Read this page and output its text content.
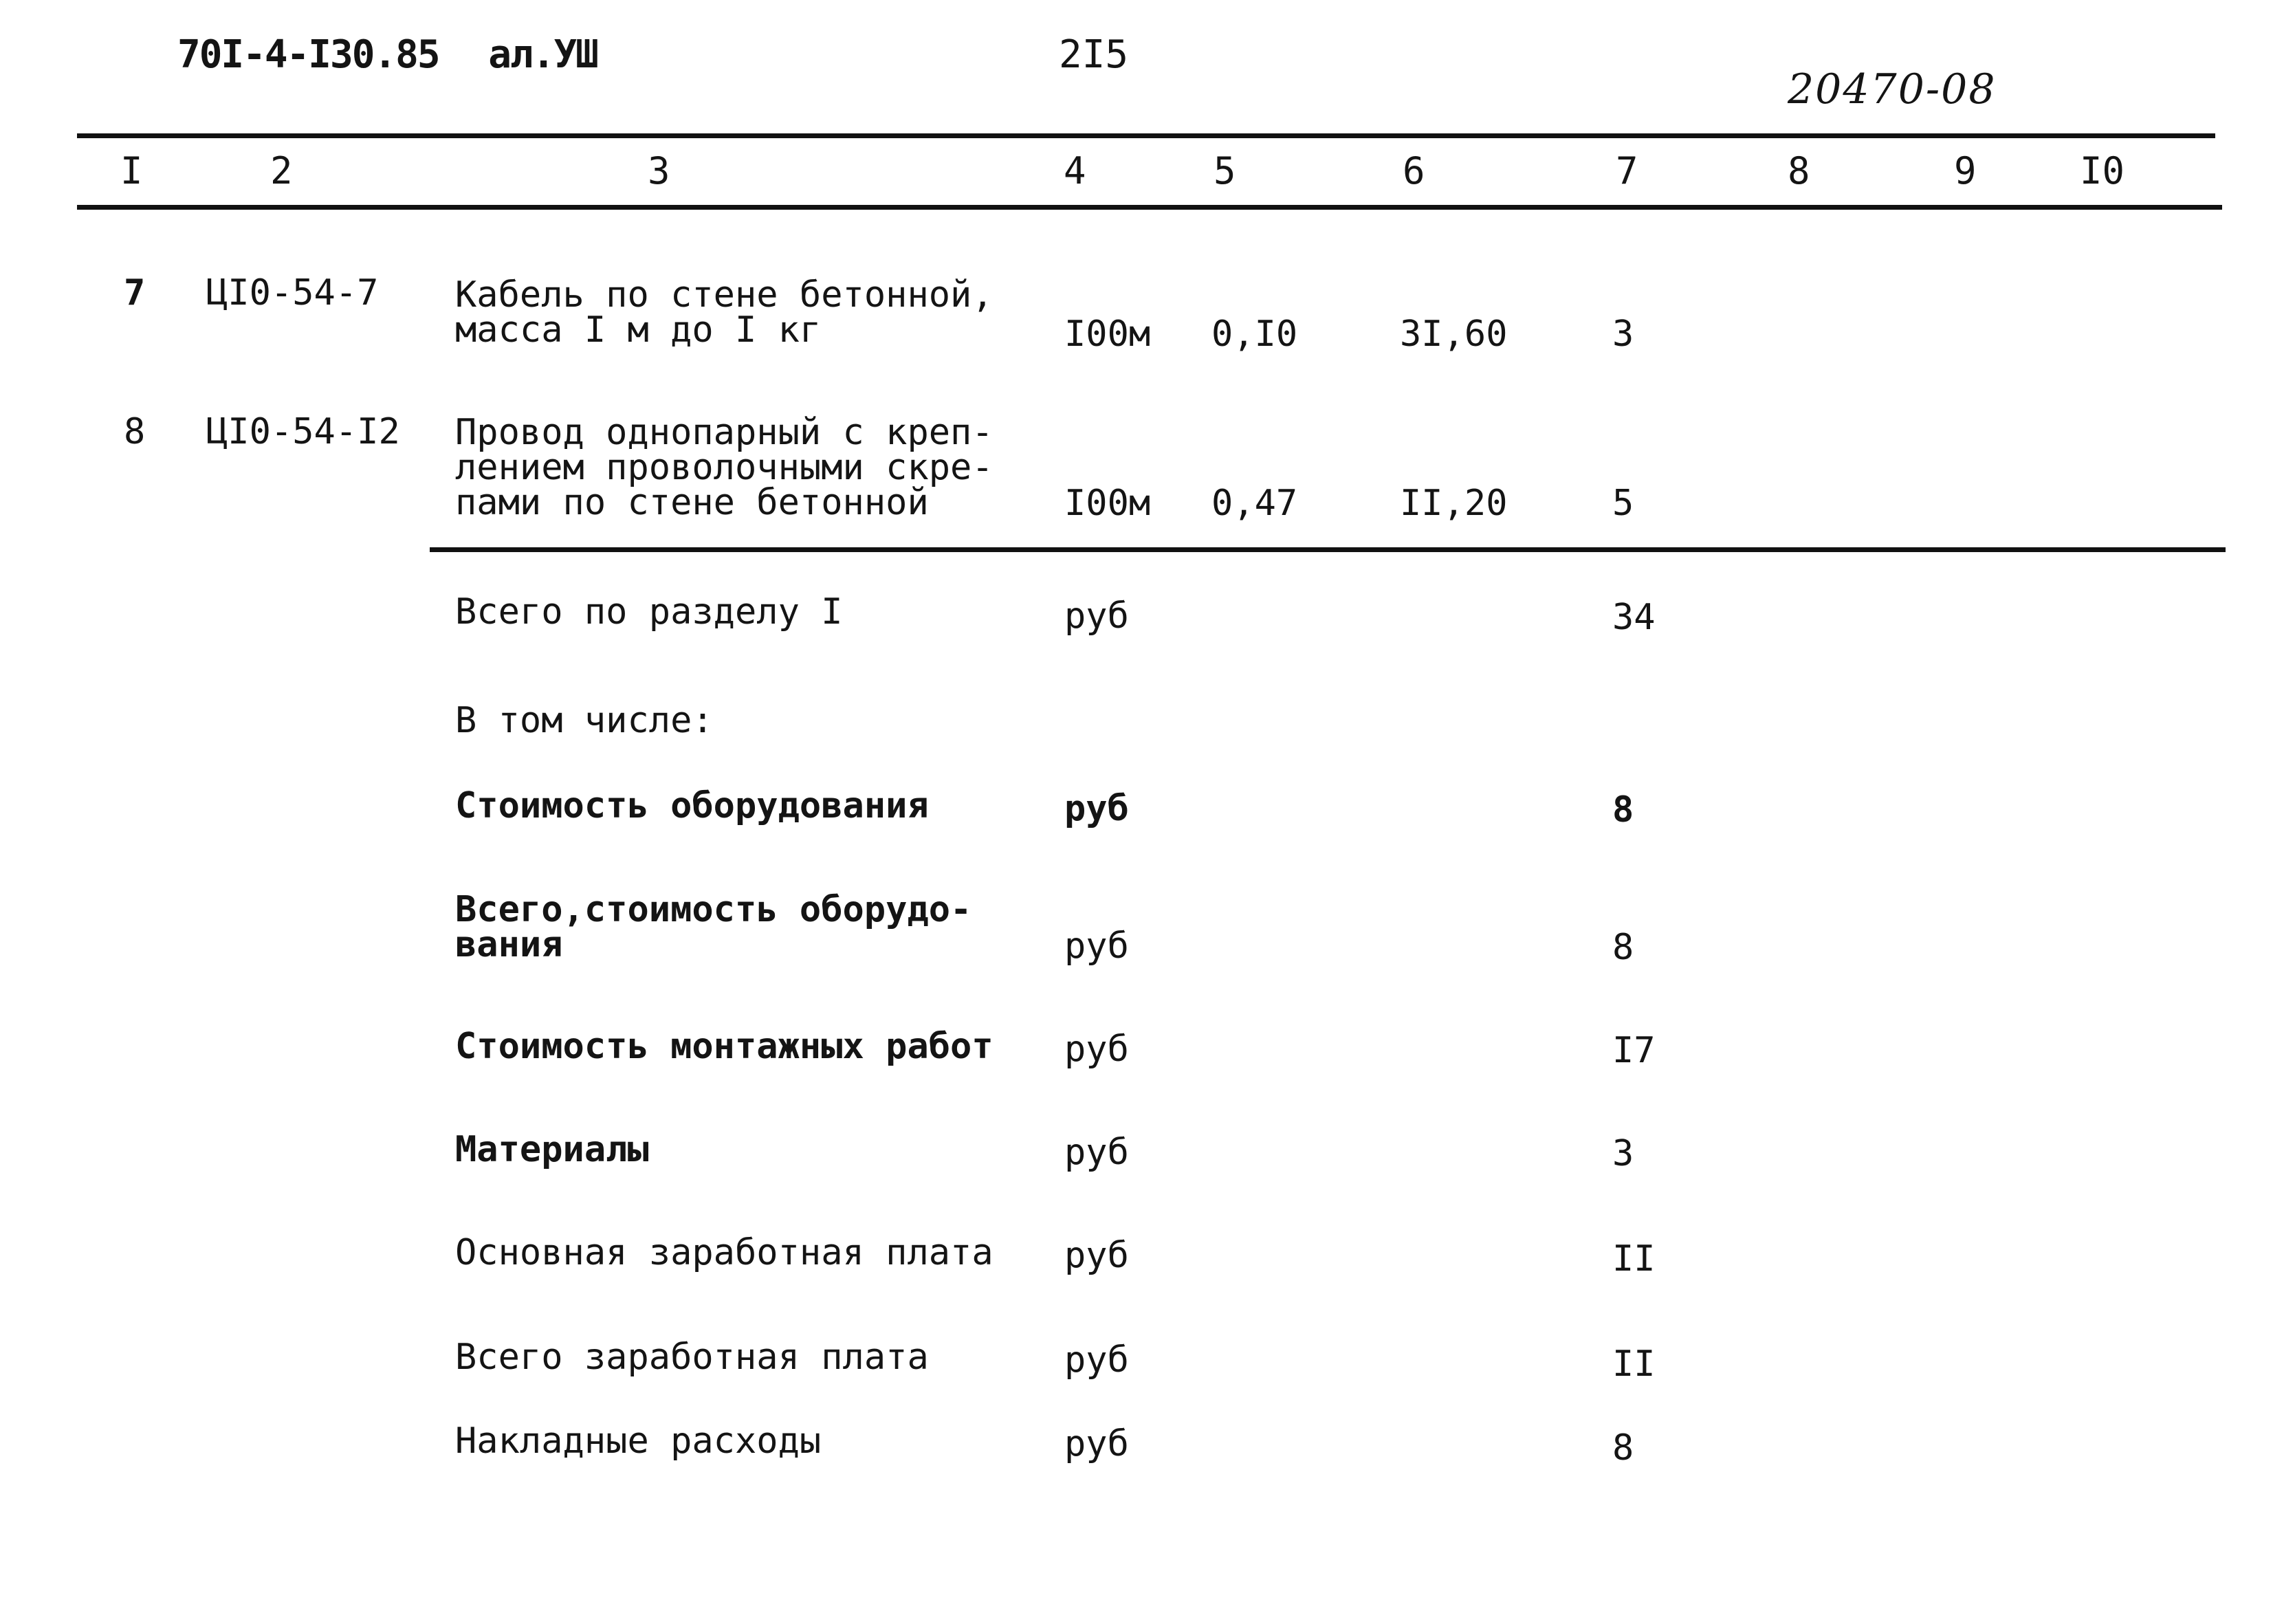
70I-4-I30.85 ал.УШ	2I5
20470-08
I	2	3	4	5	6	7	8	9	I0
7 ЦI0-54-7 Кабель по стене бетонной,
масса I м до I кг	I00м 0,I0	3I,60	3
8 ЦI0-54-I2 Провод однопарный с креп-
лением проволочными скре-
пами по стене бетонной	I00м 0,47	II,20	5
Всего по разделу I	руб	34
В том числе:
Стоимость оборудования	руб	8
Всего,стоимость оборудо-
вания	руб	8
Стоимость монтажных работ руб	I7
Материалы	руб	3
Основная заработная плата руб	II
Всего заработная плата	руб	II
Накладные расходы	руб	8
